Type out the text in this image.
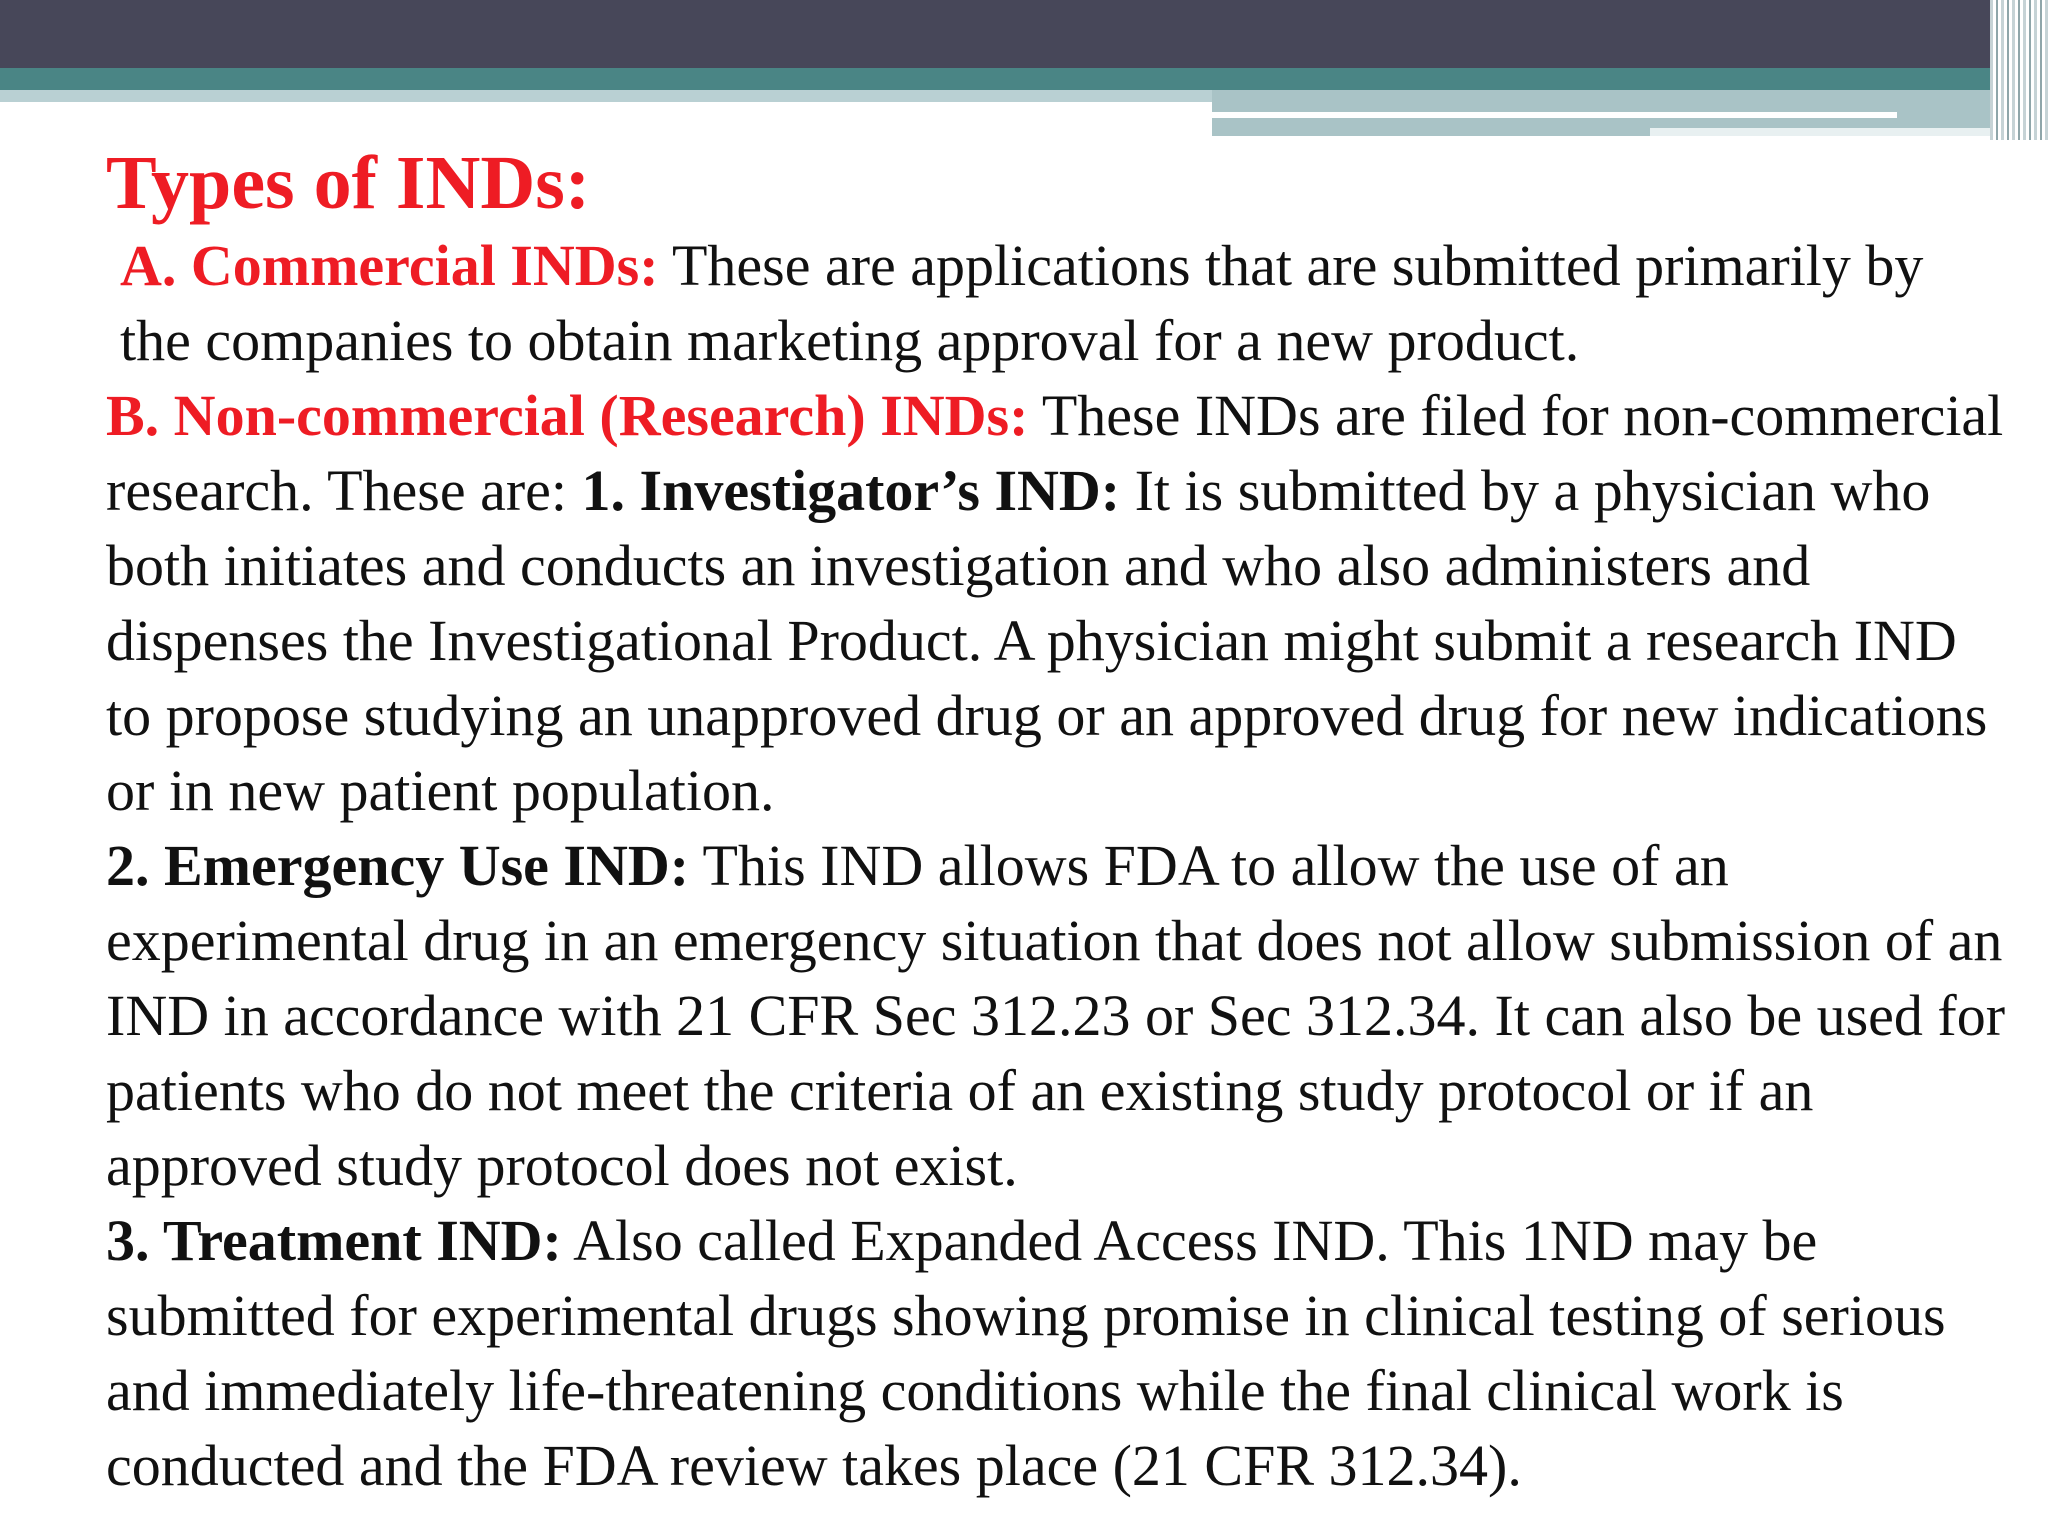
Types of INDs:

A. Commercial INDs: These are applications that are submitted primarily by the companies to obtain marketing approval for a new product.

B. Non-commercial (Research) INDs: These INDs are filed for non-commercial research. These are: 1. Investigator’s IND: It is submitted by a physician who both initiates and conducts an investigation and who also administers and dispenses the Investigational Product. A physician might submit a research IND to propose studying an unapproved drug or an approved drug for new indications or in new patient population.

2. Emergency Use IND: This IND allows FDA to allow the use of an experimental drug in an emergency situation that does not allow submission of an IND in accordance with 21 CFR Sec 312.23 or Sec 312.34. It can also be used for patients who do not meet the criteria of an existing study protocol or if an approved study protocol does not exist.

3. Treatment IND: Also called Expanded Access IND. This 1ND may be submitted for experimental drugs showing promise in clinical testing of serious and immediately life-threatening conditions while the final clinical work is conducted and the FDA review takes place (21 CFR 312.34).
